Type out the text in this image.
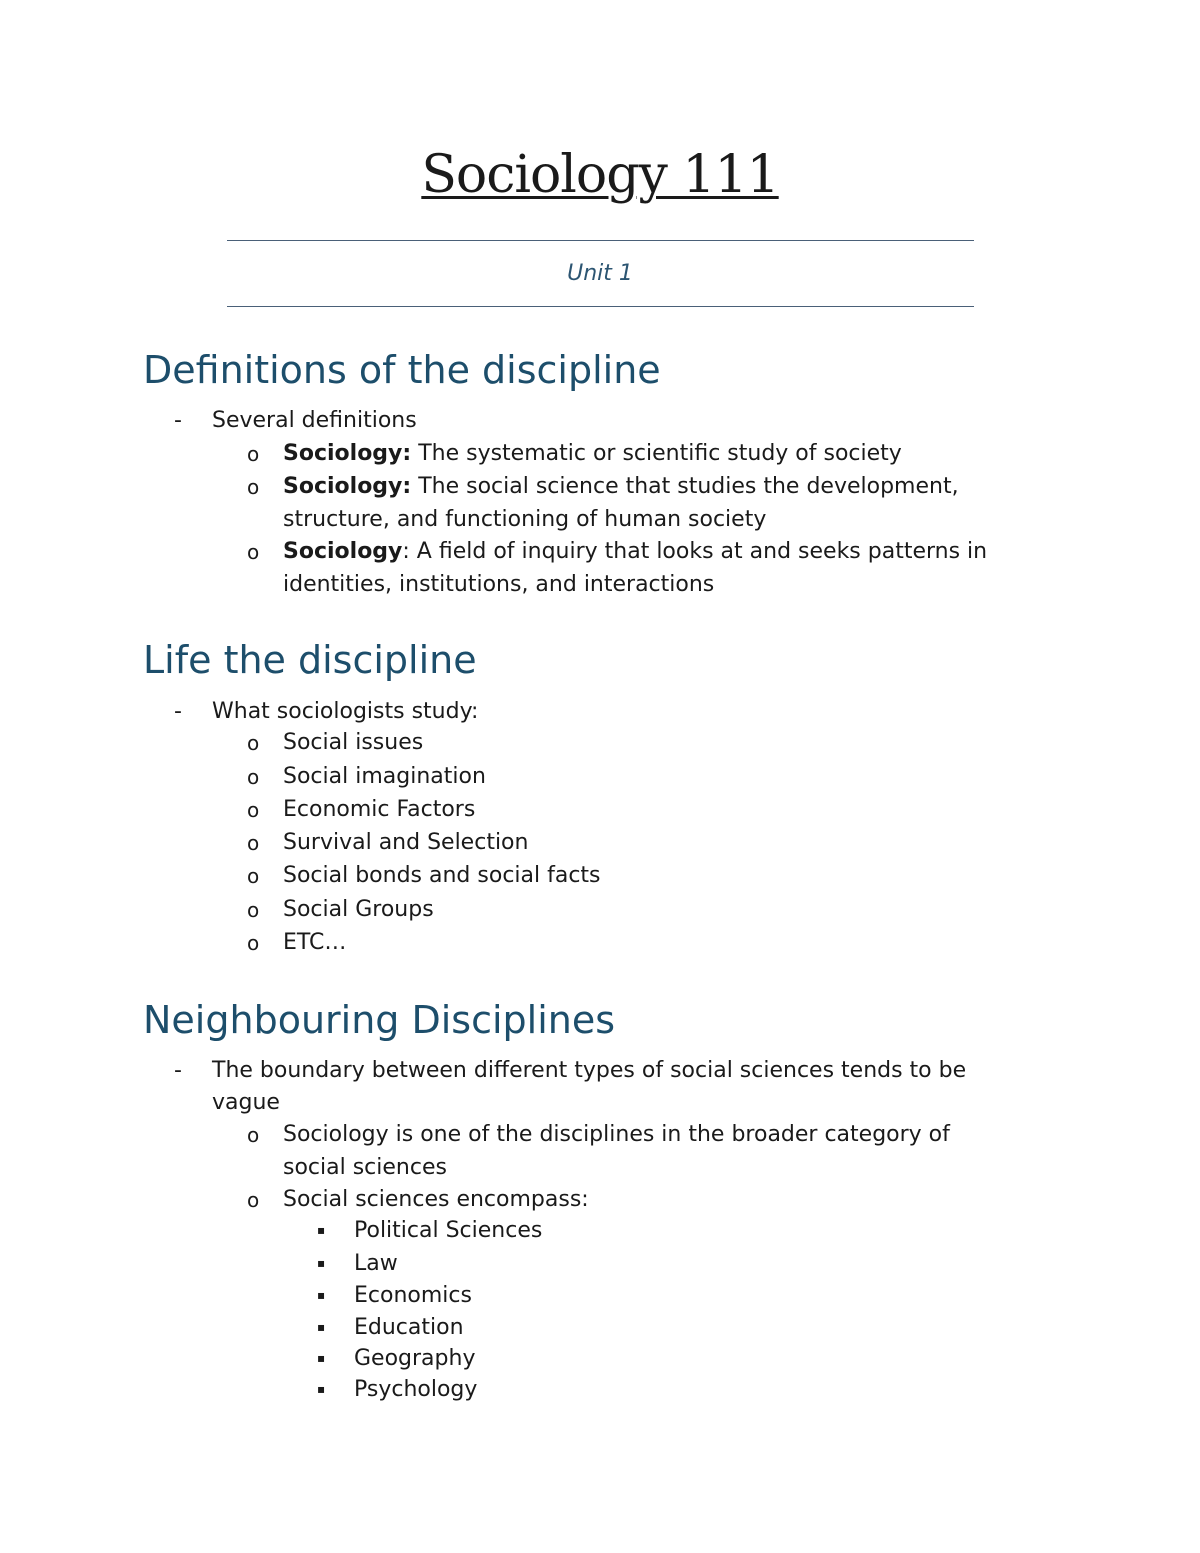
Sociology 111
Unit 1
Definitions of the discipline
- Several definitions
o Sociology: The systematic or scientific study of society
o Sociology: The social science that studies the development,
structure, and functioning of human society
o Sociology: A field of inquiry that looks at and seeks patterns in
identities, institutions, and interactions
Life the discipline
- What sociologists study:
o Social issues
o Social imagination
o Economic Factors
o Survival and Selection
o Social bonds and social facts
o Social Groups
o ETC…
Neighbouring Disciplines
- The boundary between different types of social sciences tends to be
vague
o Sociology is one of the disciplines in the broader category of
social sciences
o Social sciences encompass:
▪ Political Sciences
▪ Law
▪ Economics
▪ Education
▪ Geography
▪ Psychology
